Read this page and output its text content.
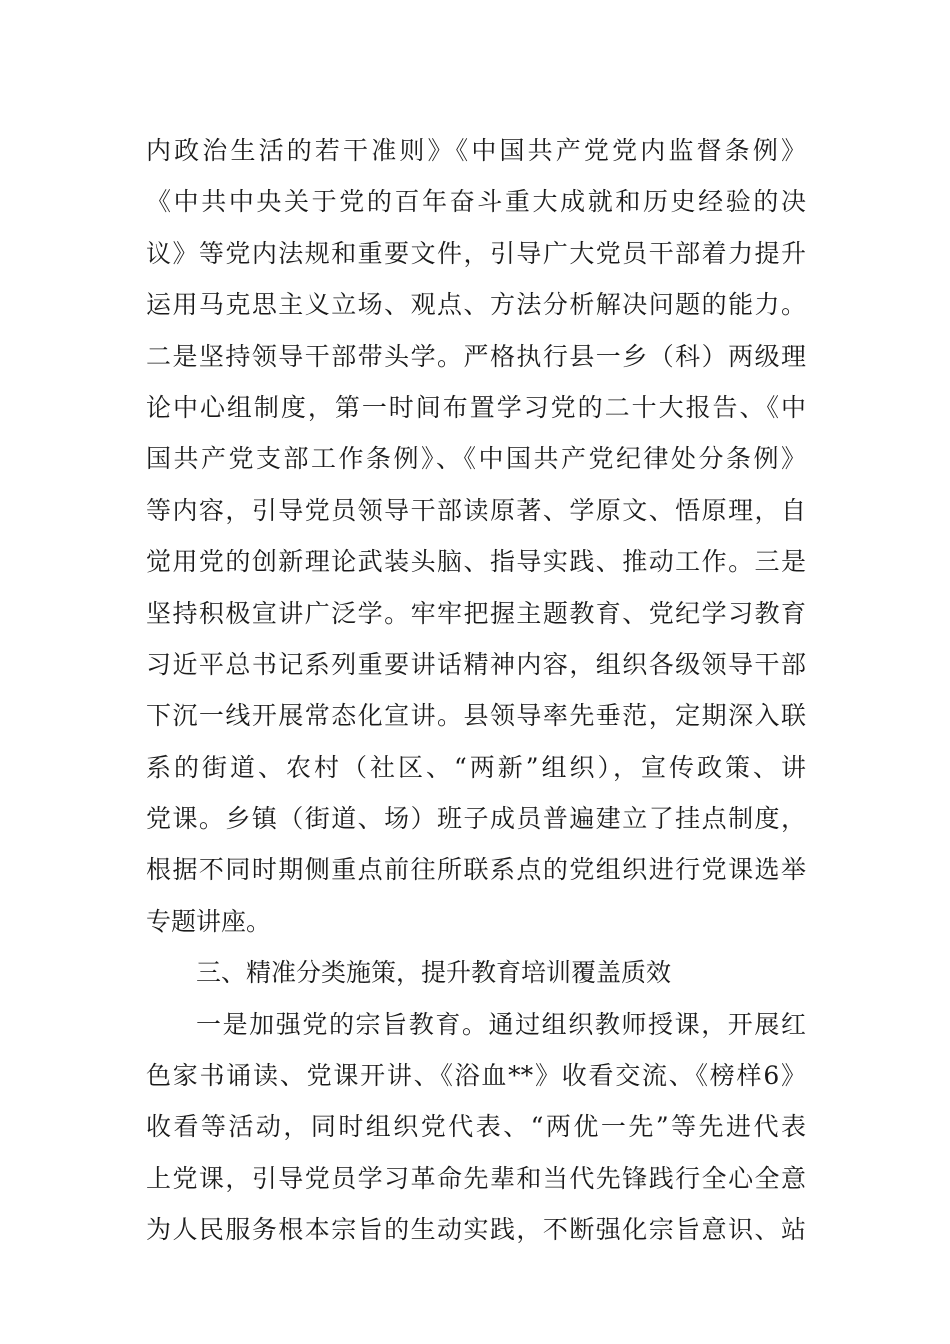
内政治生活的若干准则》《中国共产党党内监督条例》
《中共中央关于党的百年奋斗重大成就和历史经验的决
议》等党内法规和重要文件，引导广大党员干部着力提升
运用马克思主义立场、观点、方法分析解决问题的能力。
二是坚持领导干部带头学。严格执行县一乡（科）两级理
论中心组制度，第一时间布置学习党的二十大报告、《中
国共产党支部工作条例》、《中国共产党纪律处分条例》
等内容，引导党员领导干部读原著、学原文、悟原理，自
觉用党的创新理论武装头脑、指导实践、推动工作。三是
坚持积极宣讲广泛学。牢牢把握主题教育、党纪学习教育
习近平总书记系列重要讲话精神内容，组织各级领导干部
下沉一线开展常态化宣讲。县领导率先垂范，定期深入联
系的街道、农村（社区、“两新”组织），宣传政策、讲
党课。乡镇（街道、场）班子成员普遍建立了挂点制度，
根据不同时期侧重点前往所联系点的党组织进行党课选举
专题讲座。
三、精准分类施策，提升教育培训覆盖质效
一是加强党的宗旨教育。通过组织教师授课，开展红
色家书诵读、党课开讲、《浴血**》收看交流、《榜样6》
收看等活动，同时组织党代表、“两优一先”等先进代表
上党课，引导党员学习革命先辈和当代先锋践行全心全意
为人民服务根本宗旨的生动实践，不断强化宗旨意识、站
